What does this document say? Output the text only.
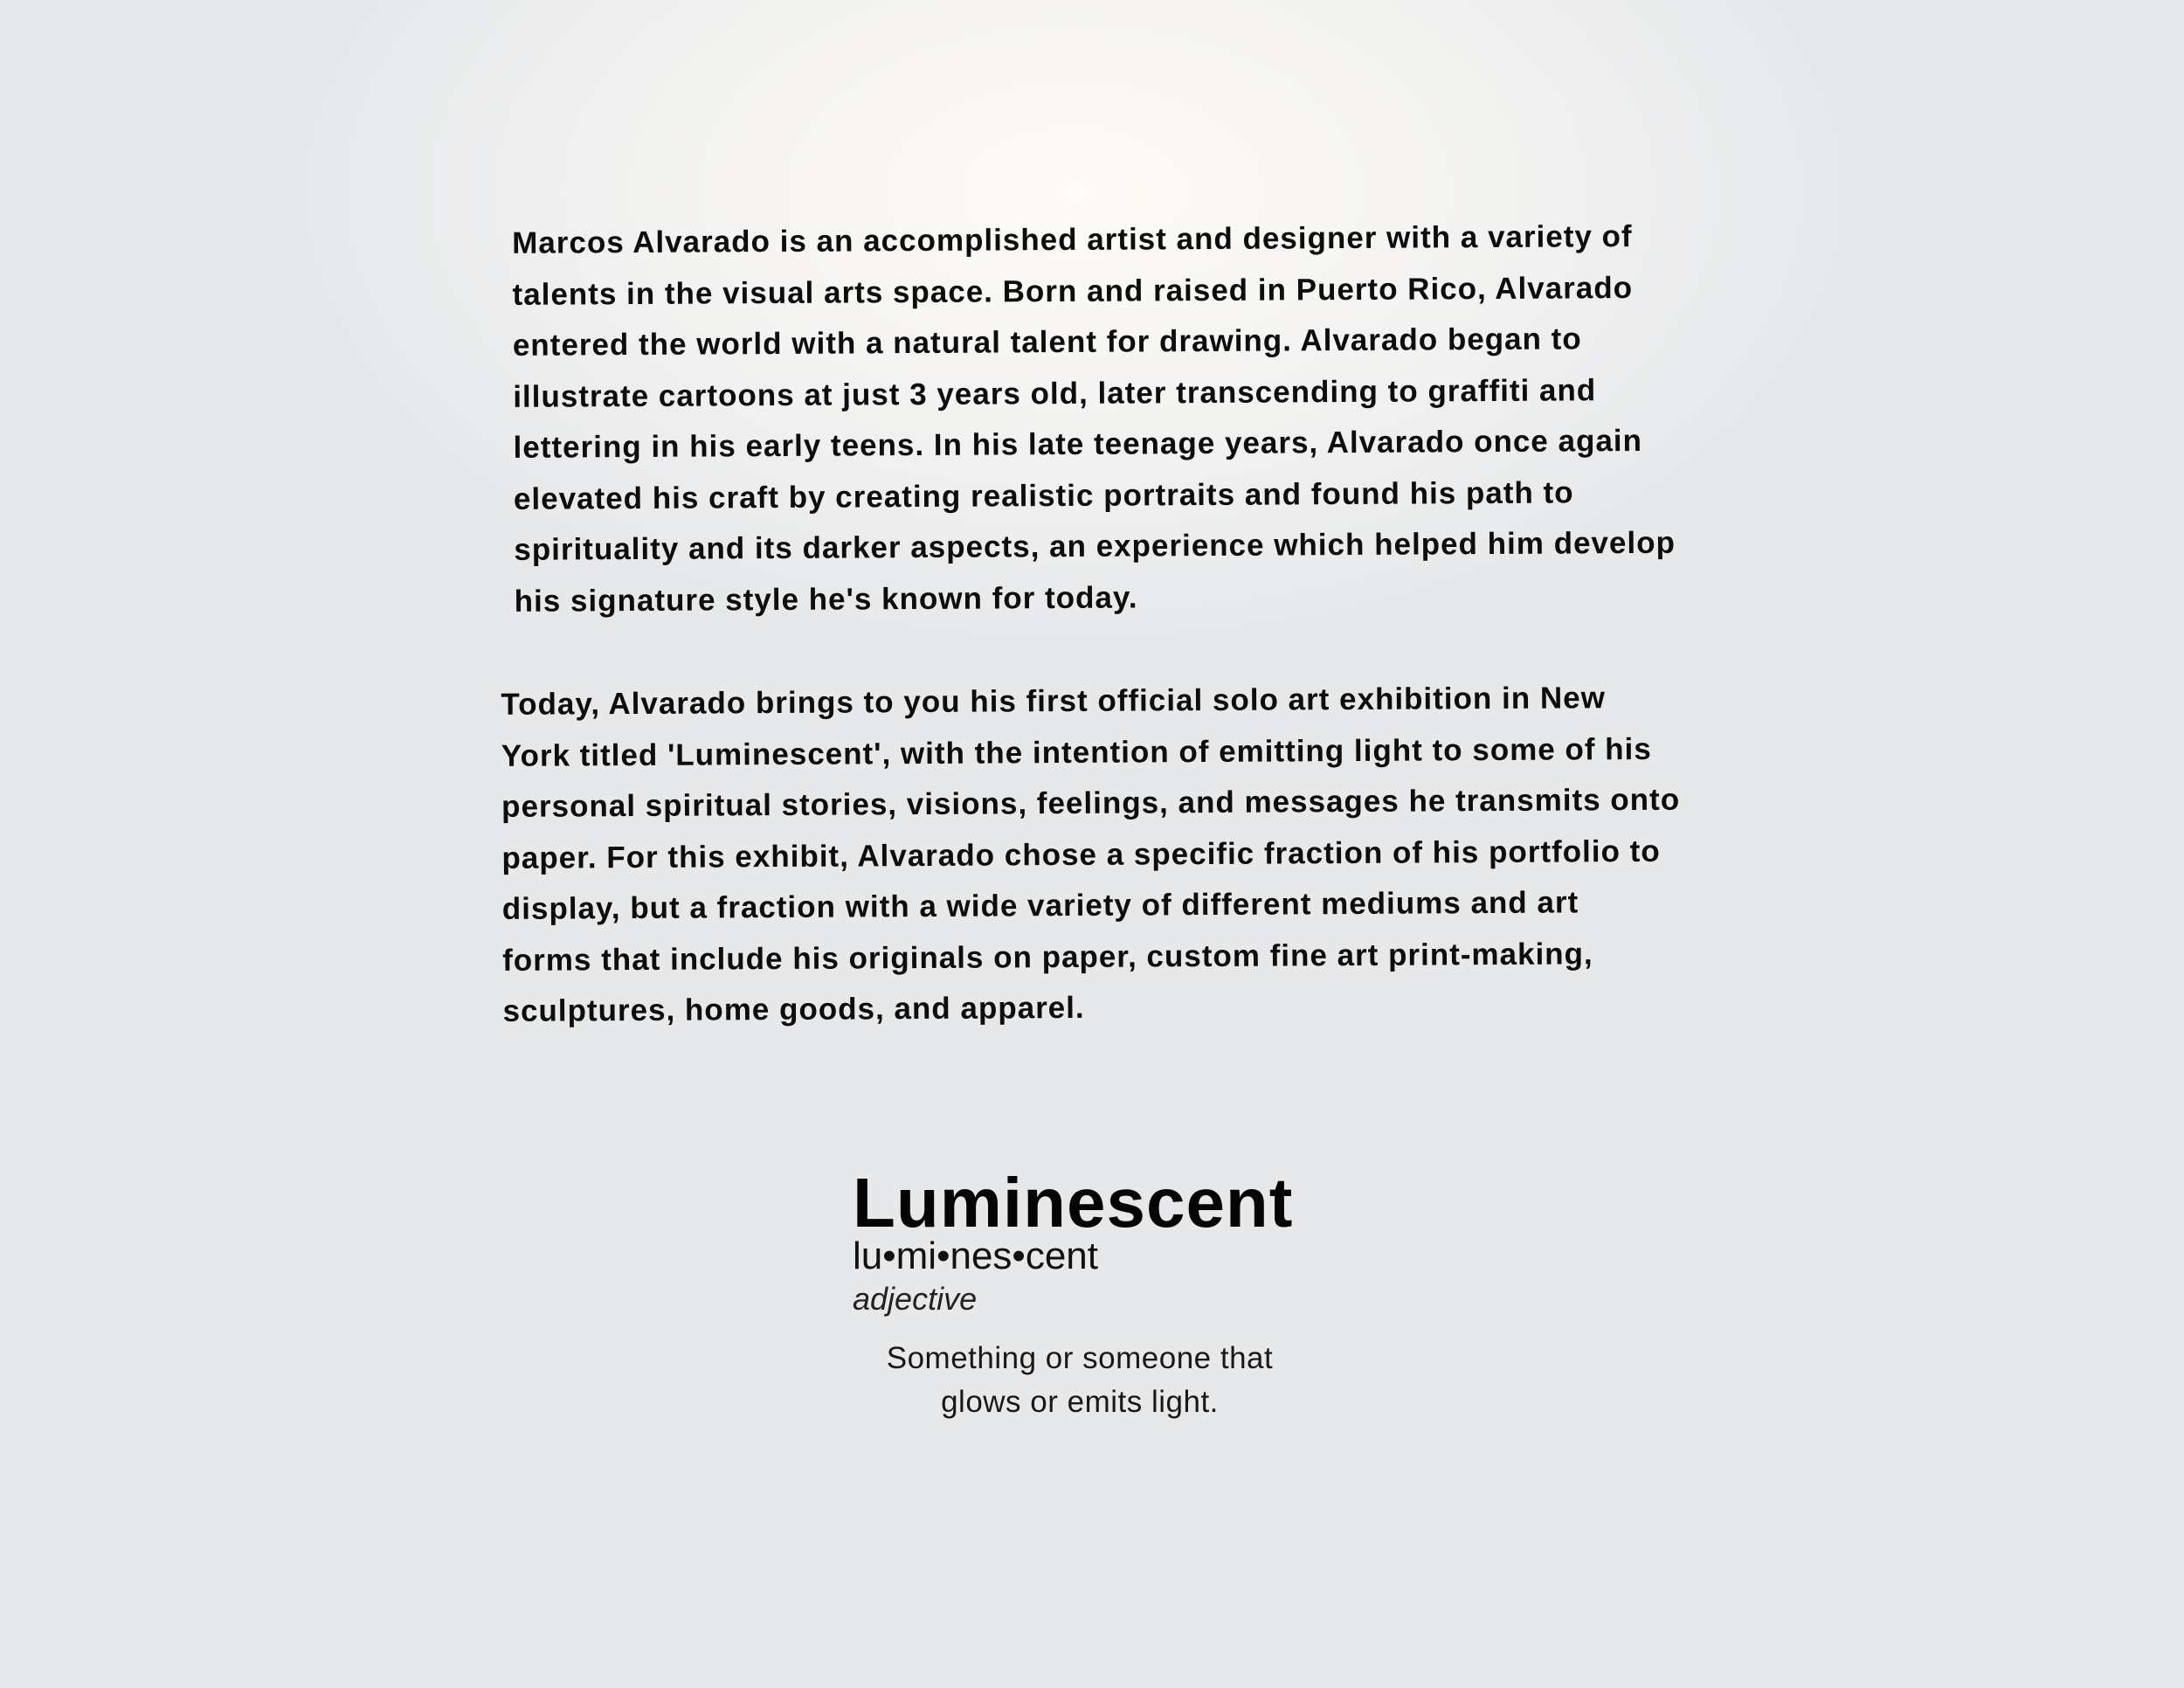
Marcos Alvarado is an accomplished artist and designer with a variety of
talents in the visual arts space. Born and raised in Puerto Rico, Alvarado
entered the world with a natural talent for drawing. Alvarado began to
illustrate cartoons at just 3 years old, later transcending to graffiti and
lettering in his early teens. In his late teenage years, Alvarado once again
elevated his craft by creating realistic portraits and found his path to
spirituality and its darker aspects, an experience which helped him develop
his signature style he's known for today.

Today, Alvarado brings to you his first official solo art exhibition in New
York titled 'Luminescent', with the intention of emitting light to some of his
personal spiritual stories, visions, feelings, and messages he transmits onto
paper. For this exhibit, Alvarado chose a specific fraction of his portfolio to
display, but a fraction with a wide variety of different mediums and art
forms that include his originals on paper, custom fine art print-making,
sculptures, home goods, and apparel.

Luminescent
lu•mi•nes•cent
adjective
Something or someone that
glows or emits light.
